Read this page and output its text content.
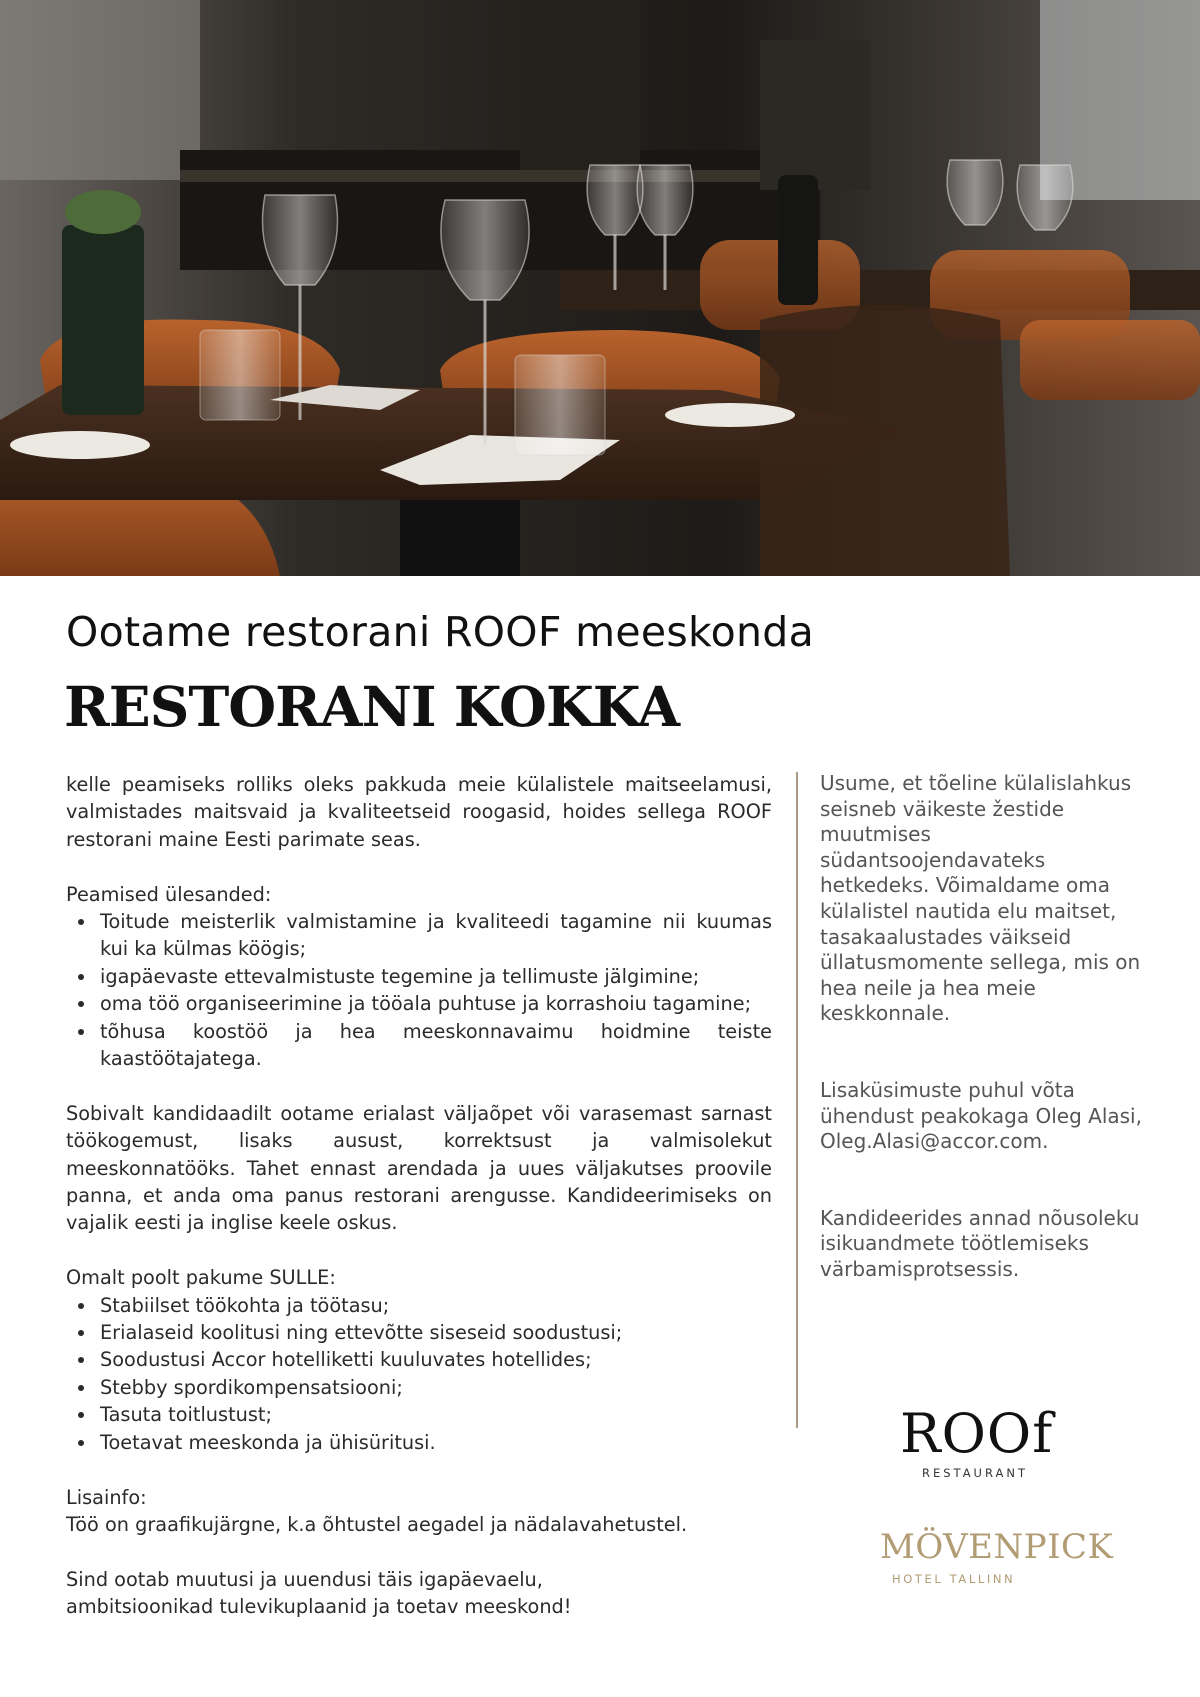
Ootame restorani ROOF meeskonda
RESTORANI KOKKA

kelle peamiseks rolliks oleks pakkuda meie külalistele maitseelamusi, valmistades maitsvaid ja kvaliteetseid roogasid, hoides sellega ROOF restorani maine Eesti parimate seas.

Peamised ülesanded:

Toitude meisterlik valmistamine ja kvaliteedi tagamine nii kuumas kui ka külmas köögis;
igapäevaste ettevalmistuste tegemine ja tellimuste jälgimine;
oma töö organiseerimine ja tööala puhtuse ja korrashoiu tagamine;
tõhusa koostöö ja hea meeskonnavaimu hoidmine teiste kaastöötajatega.

Sobivalt kandidaadilt ootame erialast väljaõpet või varasemast sarnast töökogemust, lisaks ausust, korrektsust ja valmisolekut meeskonnatööks. Tahet ennast arendada ja uues väljakutses proovile panna, et anda oma panus restorani arengusse. Kandideerimiseks on vajalik eesti ja inglise keele oskus.

Omalt poolt pakume SULLE:

Stabiilset töökohta ja töötasu;
Erialaseid koolitusi ning ettevõtte siseseid soodustusi;
Soodustusi Accor hotelliketti kuuluvates hotellides;
Stebby spordikompensatsiooni;
Tasuta toitlustust;
Toetavat meeskonda ja ühisüritusi.

Lisainfo:

Töö on graafikujärgne, k.a õhtustel aegadel ja nädalavahetustel.

Sind ootab muutusi ja uuendusi täis igapäevaelu,

ambitsioonikad tulevikuplaanid ja toetav meeskond!

Usume, et tõeline külalislahkus seisneb väikeste žestide muutmises südantsoojendavateks hetkedeks. Võimaldame oma külalistel nautida elu maitset, tasakaalustades väikseid üllatusmomente sellega, mis on hea neile ja hea meie keskkonnale.

Lisaküsimuste puhul võta ühendust peakokaga Oleg Alasi, Oleg.Alasi@accor.com.

Kandideerides annad nõusoleku isikuandmete töötlemiseks värbamisprotsessis.

ROOf
RESTAURANT
MÖVENPICK
HOTEL TALLINN
